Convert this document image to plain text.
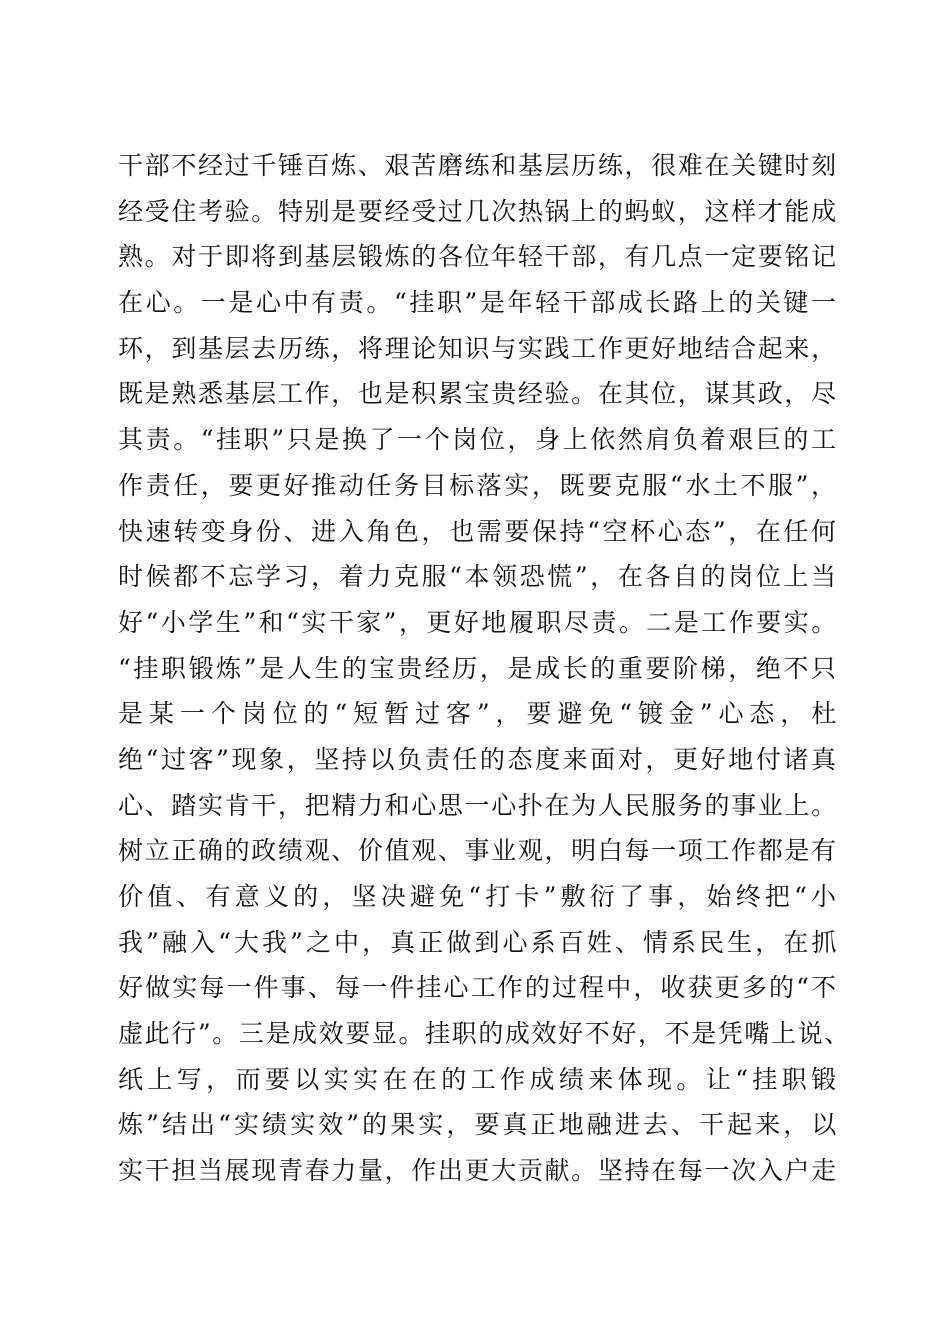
干 部 不 经 过 千 锤 百 炼 、 艰 苦 磨 练 和 基 层 历 练 ， 很 难 在 关 键 时 刻
经 受 住 考 验 。 特 别 是 要 经 受 过 几 次 热 锅 上 的 蚂 蚁 ， 这 样 才 能 成
熟 。 对 于 即 将 到 基 层 锻 炼 的 各 位 年 轻 干 部 ， 有 几 点 一 定 要 铭 记
在 心 。 一 是 心 中 有 责 。 “ 挂 职 ” 是 年 轻 干 部 成 长 路 上 的 关 键 一
环 ， 到 基 层 去 历 练 ， 将 理 论 知 识 与 实 践 工 作 更 好 地 结 合 起 来 ，
既 是 熟 悉 基 层 工 作 ， 也 是 积 累 宝 贵 经 验 。 在 其 位 ， 谋 其 政 ， 尽
其 责 。 “ 挂 职 ” 只 是 换 了 一 个 岗 位 ， 身 上 依 然 肩 负 着 艰 巨 的 工
作 责 任 ， 要 更 好 推 动 任 务 目 标 落 实 ， 既 要 克 服 “ 水 土 不 服 ” ，
快 速 转 变 身 份 、 进 入 角 色 ， 也 需 要 保 持 “ 空 杯 心 态 ” ， 在 任 何
时 候 都 不 忘 学 习 ， 着 力 克 服 “ 本 领 恐 慌 ” ， 在 各 自 的 岗 位 上 当
好 “ 小 学 生 ” 和 “ 实 干 家 ” ， 更 好 地 履 职 尽 责 。 二 是 工 作 要 实 。
“ 挂 职 锻 炼 ” 是 人 生 的 宝 贵 经 历 ， 是 成 长 的 重 要 阶 梯 ， 绝 不 只
是 某 一 个 岗 位 的 “ 短 暂 过 客 ” ， 要 避 免 “ 镀 金 ” 心 态 ， 杜
绝 “ 过 客 ” 现 象 ， 坚 持 以 负 责 任 的 态 度 来 面 对 ， 更 好 地 付 诸 真
心 、 踏 实 肯 干 ， 把 精 力 和 心 思 一 心 扑 在 为 人 民 服 务 的 事 业 上 。
树 立 正 确 的 政 绩 观 、 价 值 观 、 事 业 观 ， 明 白 每 一 项 工 作 都 是 有
价 值 、 有 意 义 的 ， 坚 决 避 免 “ 打 卡 ” 敷 衍 了 事 ， 始 终 把 “ 小
我 ” 融 入 “ 大 我 ” 之 中 ， 真 正 做 到 心 系 百 姓 、 情 系 民 生 ， 在 抓
好 做 实 每 一 件 事 、 每 一 件 挂 心 工 作 的 过 程 中 ， 收 获 更 多 的 “ 不
虚 此 行 ” 。 三 是 成 效 要 显 。 挂 职 的 成 效 好 不 好 ， 不 是 凭 嘴 上 说 、
纸 上 写 ， 而 要 以 实 实 在 在 的 工 作 成 绩 来 体 现 。 让 “ 挂 职 锻
炼 ” 结 出 “ 实 绩 实 效 ” 的 果 实 ， 要 真 正 地 融 进 去 、 干 起 来 ， 以
实 干 担 当 展 现 青 春 力 量 ， 作 出 更 大 贡 献 。 坚 持 在 每 一 次 入 户 走
